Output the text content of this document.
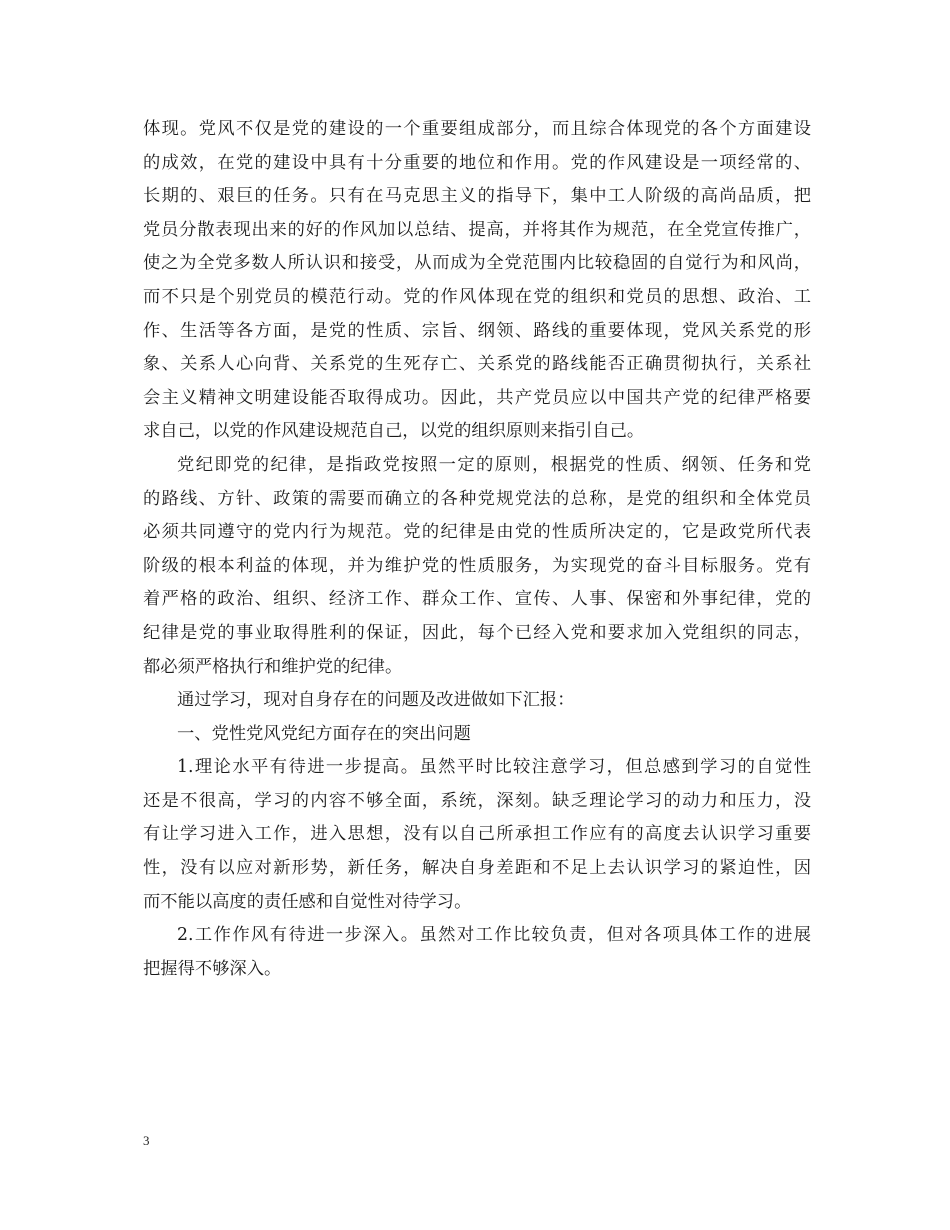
体现。党风不仅是党的建设的一个重要组成部分，而且综合体现党的各个方面建设
的成效，在党的建设中具有十分重要的地位和作用。党的作风建设是一项经常的、
长期的、艰巨的任务。只有在马克思主义的指导下，集中工人阶级的高尚品质，把
党员分散表现出来的好的作风加以总结、提高，并将其作为规范，在全党宣传推广，
使之为全党多数人所认识和接受，从而成为全党范围内比较稳固的自觉行为和风尚，
而不只是个别党员的模范行动。党的作风体现在党的组织和党员的思想、政治、工
作、生活等各方面，是党的性质、宗旨、纲领、路线的重要体现，党风关系党的形
象、关系人心向背、关系党的生死存亡、关系党的路线能否正确贯彻执行，关系社
会主义精神文明建设能否取得成功。因此，共产党员应以中国共产党的纪律严格要
求自己，以党的作风建设规范自己，以党的组织原则来指引自己。
党纪即党的纪律，是指政党按照一定的原则，根据党的性质、纲领、任务和党
的路线、方针、政策的需要而确立的各种党规党法的总称，是党的组织和全体党员
必须共同遵守的党内行为规范。党的纪律是由党的性质所决定的，它是政党所代表
阶级的根本利益的体现，并为维护党的性质服务，为实现党的奋斗目标服务。党有
着严格的政治、组织、经济工作、群众工作、宣传、人事、保密和外事纪律，党的
纪律是党的事业取得胜利的保证，因此，每个已经入党和要求加入党组织的同志，
都必须严格执行和维护党的纪律。
通过学习，现对自身存在的问题及改进做如下汇报：
一、党性党风党纪方面存在的突出问题
1.理论水平有待进一步提高。虽然平时比较注意学习，但总感到学习的自觉性
还是不很高，学习的内容不够全面，系统，深刻。缺乏理论学习的动力和压力，没
有让学习进入工作，进入思想，没有以自己所承担工作应有的高度去认识学习重要
性，没有以应对新形势，新任务，解决自身差距和不足上去认识学习的紧迫性，因
而不能以高度的责任感和自觉性对待学习。
2.工作作风有待进一步深入。虽然对工作比较负责，但对各项具体工作的进展
把握得不够深入。
3
